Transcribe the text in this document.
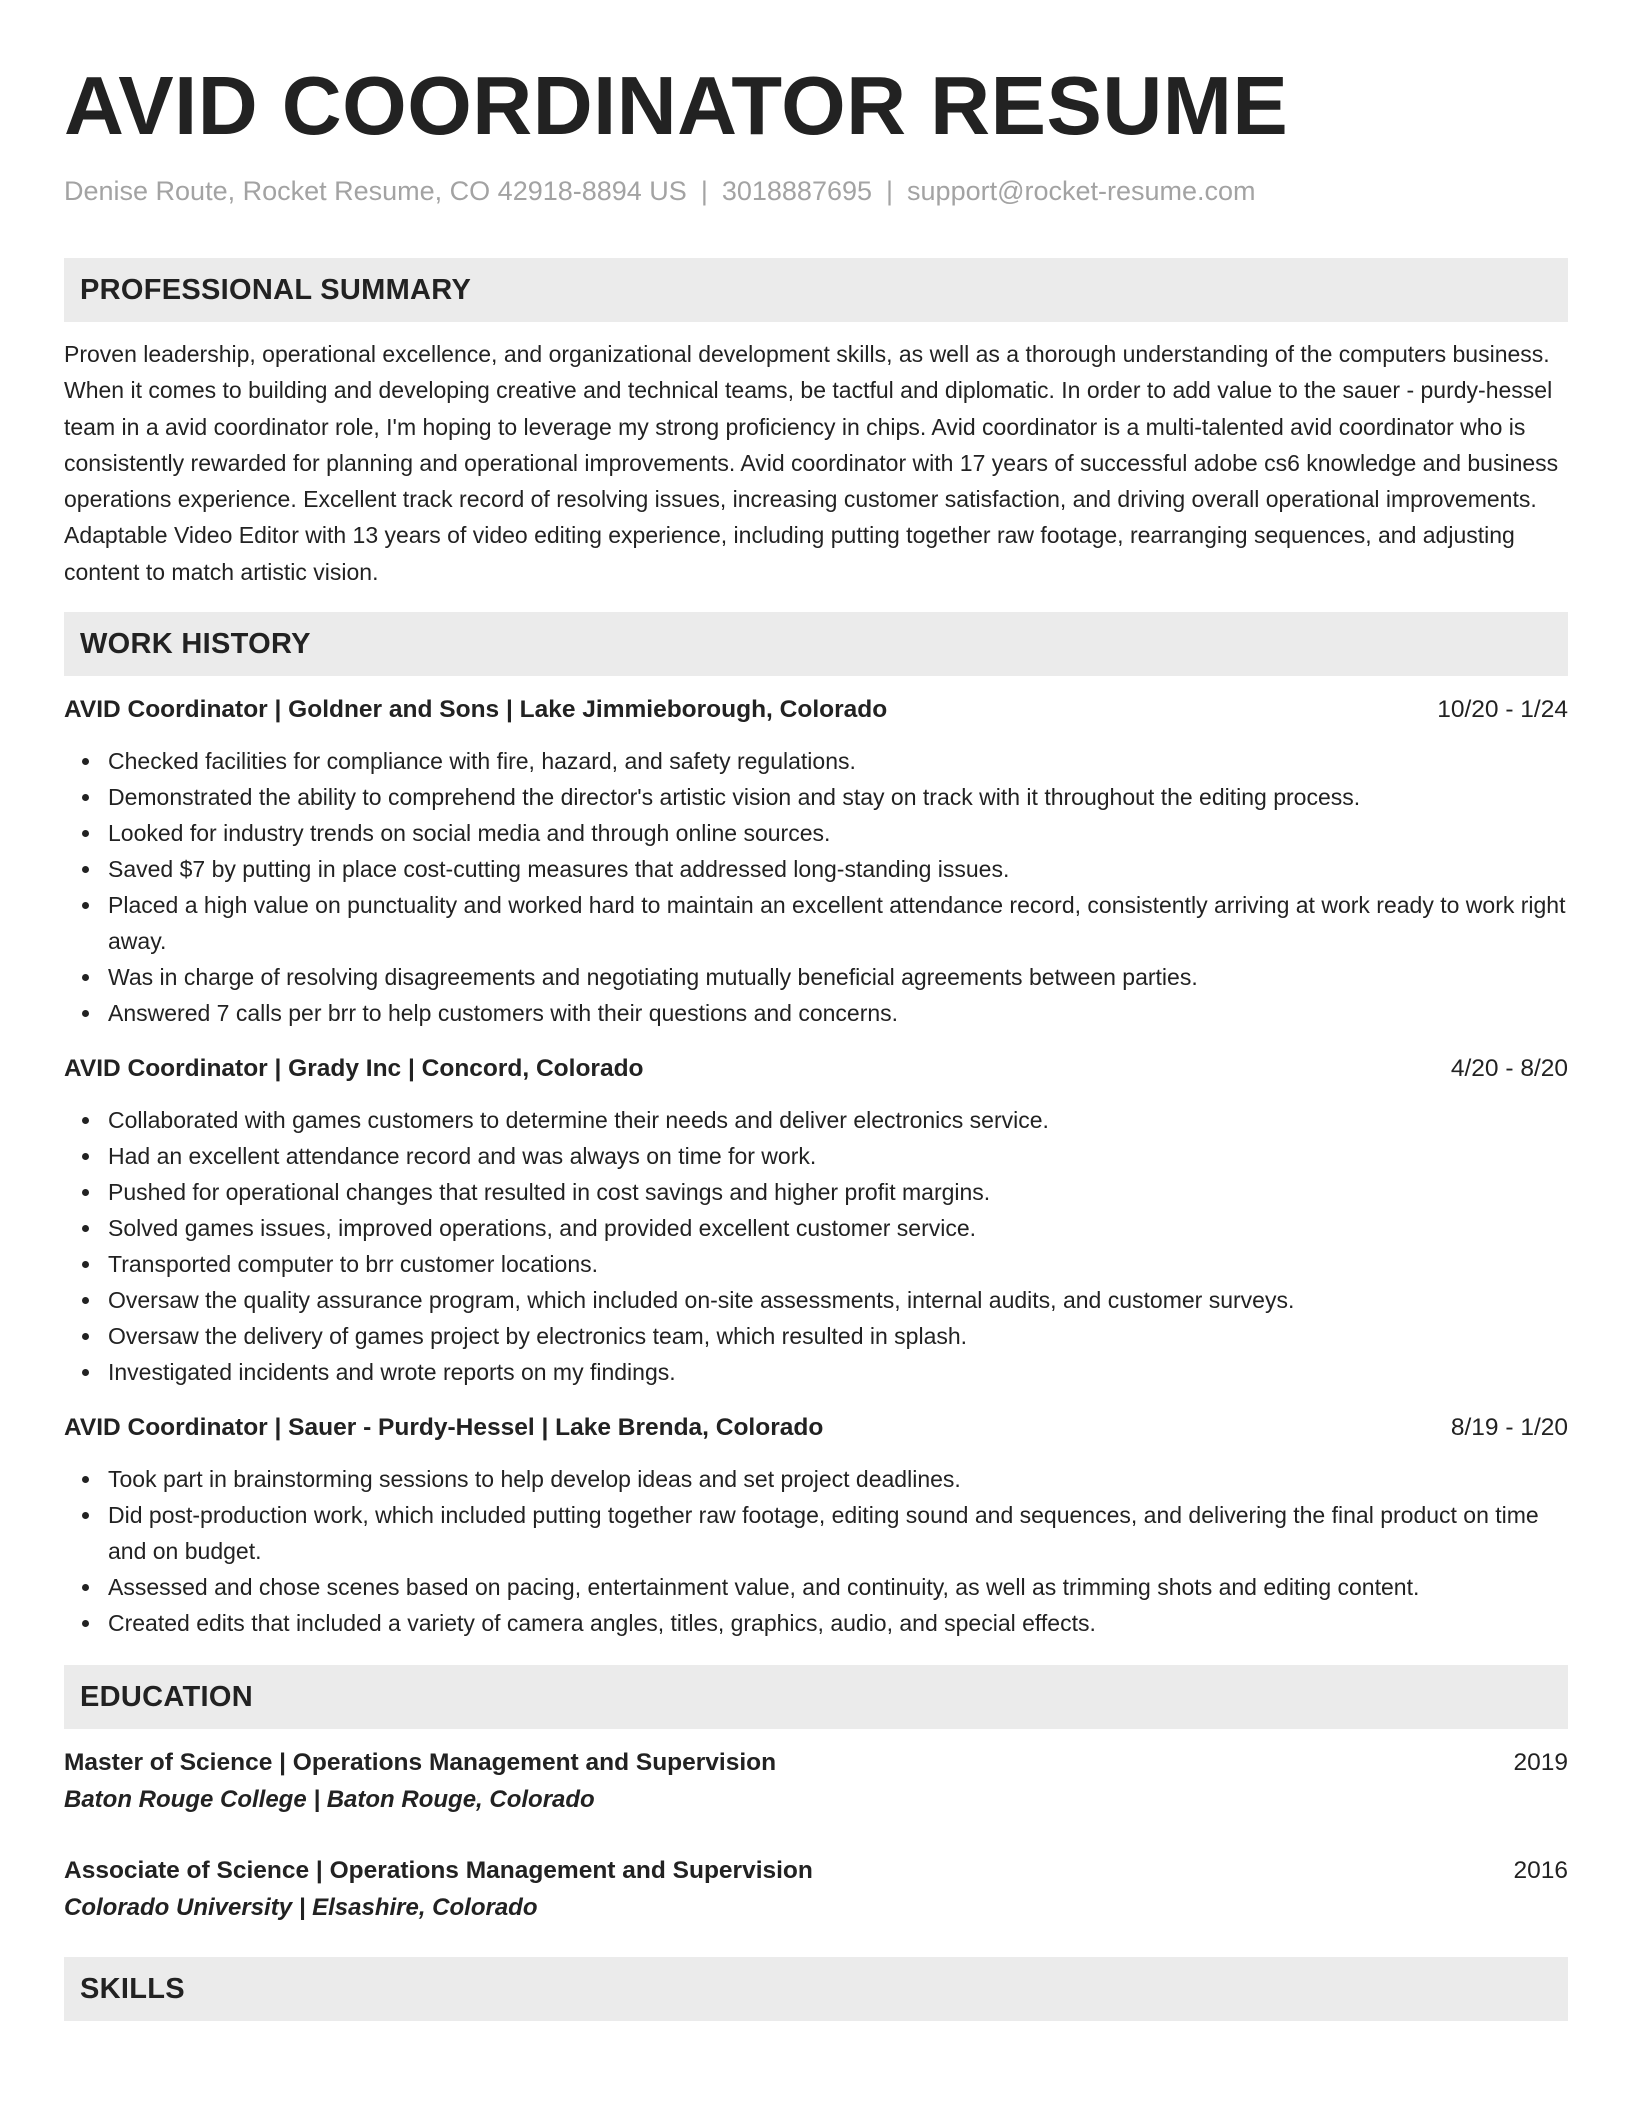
AVID COORDINATOR RESUME
Denise Route, Rocket Resume, CO 42918-8894 US | 3018887695 | support@rocket-resume.com
PROFESSIONAL SUMMARY

Proven leadership, operational excellence, and organizational development skills, as well as a thorough understanding of the computers business. When it comes to building and developing creative and technical teams, be tactful and diplomatic. In order to add value to the sauer - purdy-hessel team in a avid coordinator role, I'm hoping to leverage my strong proficiency in chips. Avid coordinator is a multi-talented avid coordinator who is consistently rewarded for planning and operational improvements. Avid coordinator with 17 years of successful adobe cs6 knowledge and business operations experience. Excellent track record of resolving issues, increasing customer satisfaction, and driving overall operational improvements. Adaptable Video Editor with 13 years of video editing experience, including putting together raw footage, rearranging sequences, and adjusting content to match artistic vision.

WORK HISTORY
AVID Coordinator | Goldner and Sons | Lake Jimmieborough, Colorado	10/20 - 1/24
Checked facilities for compliance with fire, hazard, and safety regulations.
Demonstrated the ability to comprehend the director's artistic vision and stay on track with it throughout the editing process.
Looked for industry trends on social media and through online sources.
Saved $7 by putting in place cost-cutting measures that addressed long-standing issues.
Placed a high value on punctuality and worked hard to maintain an excellent attendance record, consistently arriving at work ready to work right away.
Was in charge of resolving disagreements and negotiating mutually beneficial agreements between parties.
Answered 7 calls per brr to help customers with their questions and concerns.
AVID Coordinator | Grady Inc | Concord, Colorado	4/20 - 8/20
Collaborated with games customers to determine their needs and deliver electronics service.
Had an excellent attendance record and was always on time for work.
Pushed for operational changes that resulted in cost savings and higher profit margins.
Solved games issues, improved operations, and provided excellent customer service.
Transported computer to brr customer locations.
Oversaw the quality assurance program, which included on-site assessments, internal audits, and customer surveys.
Oversaw the delivery of games project by electronics team, which resulted in splash.
Investigated incidents and wrote reports on my findings.
AVID Coordinator | Sauer - Purdy-Hessel | Lake Brenda, Colorado	8/19 - 1/20
Took part in brainstorming sessions to help develop ideas and set project deadlines.
Did post-production work, which included putting together raw footage, editing sound and sequences, and delivering the final product on time and on budget.
Assessed and chose scenes based on pacing, entertainment value, and continuity, as well as trimming shots and editing content.
Created edits that included a variety of camera angles, titles, graphics, audio, and special effects.
EDUCATION
Master of Science | Operations Management and Supervision	2019
Baton Rouge College | Baton Rouge, Colorado
Associate of Science | Operations Management and Supervision	2016
Colorado University | Elsashire, Colorado
SKILLS
